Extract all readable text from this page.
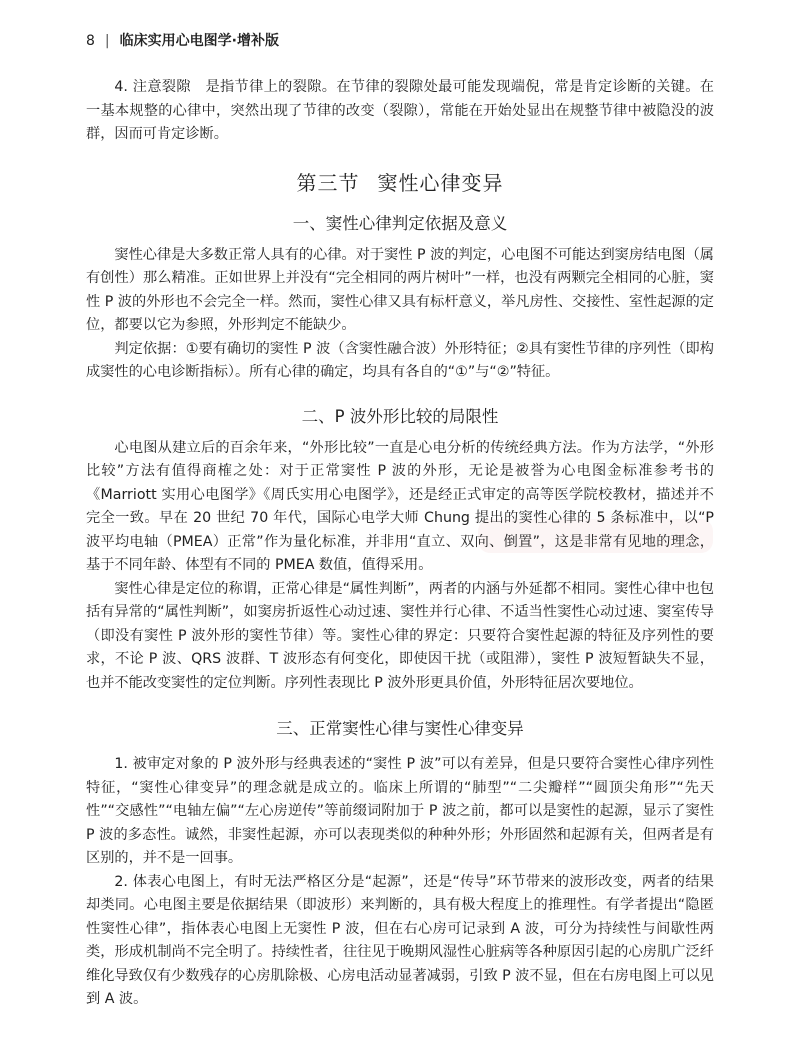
8 | 临床实用心电图学·增补版

4. 注意裂隙　是指节律上的裂隙。在节律的裂隙处最可能发现端倪，常是肯定诊断的关键。在一基本规整的心律中，突然出现了节律的改变（裂隙），常能在开始处显出在规整节律中被隐没的波群，因而可肯定诊断。

第三节 窦性心律变异
一、窦性心律判定依据及意义

窦性心律是大多数正常人具有的心律。对于窦性 P 波的判定，心电图不可能达到窦房结电图（属有创性）那么精准。正如世界上并没有“完全相同的两片树叶”一样，也没有两颗完全相同的心脏，窦性 P 波的外形也不会完全一样。然而，窦性心律又具有标杆意义，举凡房性、交接性、室性起源的定位，都要以它为参照，外形判定不能缺少。

判定依据：①要有确切的窦性 P 波（含窦性融合波）外形特征；②具有窦性节律的序列性（即构成窦性的心电诊断指标）。所有心律的确定，均具有各自的“①”与“②”特征。

二、P 波外形比较的局限性

心电图从建立后的百余年来，“外形比较”一直是心电分析的传统经典方法。作为方法学，“外形比较”方法有值得商榷之处：对于正常窦性 P 波的外形，无论是被誉为心电图金标准参考书的《Marriott 实用心电图学》《周氏实用心电图学》，还是经正式审定的高等医学院校教材，描述并不完全一致。早在 20 世纪 70 年代，国际心电学大师 Chung 提出的窦性心律的 5 条标准中，以“P 波平均电轴（PMEA）正常”作为量化标准，并非用“直立、双向、倒置”，这是非常有见地的理念，基于不同年龄、体型有不同的 PMEA 数值，值得采用。

窦性心律是定位的称谓，正常心律是“属性判断”，两者的内涵与外延都不相同。窦性心律中也包括有异常的“属性判断”，如窦房折返性心动过速、窦性并行心律、不适当性窦性心动过速、窦室传导（即没有窦性 P 波外形的窦性节律）等。窦性心律的界定：只要符合窦性起源的特征及序列性的要求，不论 P 波、QRS 波群、T 波形态有何变化，即使因干扰（或阻滞），窦性 P 波短暂缺失不显，也并不能改变窦性的定位判断。序列性表现比 P 波外形更具价值，外形特征居次要地位。

三、正常窦性心律与窦性心律变异

1. 被审定对象的 P 波外形与经典表述的“窦性 P 波”可以有差异，但是只要符合窦性心律序列性特征，“窦性心律变异”的理念就是成立的。临床上所谓的“肺型”“二尖瓣样”“圆顶尖角形”“先天性”“交感性”“电轴左偏”“左心房逆传”等前缀词附加于 P 波之前，都可以是窦性的起源，显示了窦性 P 波的多态性。诚然，非窦性起源，亦可以表现类似的种种外形；外形固然和起源有关，但两者是有区别的，并不是一回事。

2. 体表心电图上，有时无法严格区分是“起源”，还是“传导”环节带来的波形改变，两者的结果却类同。心电图主要是依据结果（即波形）来判断的，具有极大程度上的推理性。有学者提出“隐匿性窦性心律”，指体表心电图上无窦性 P 波，但在右心房可记录到 A 波，可分为持续性与间歇性两类，形成机制尚不完全明了。持续性者，往往见于晚期风湿性心脏病等各种原因引起的心房肌广泛纤维化导致仅有少数残存的心房肌除极、心房电活动显著减弱，引致 P 波不显，但在右房电图上可以见到 A 波。
